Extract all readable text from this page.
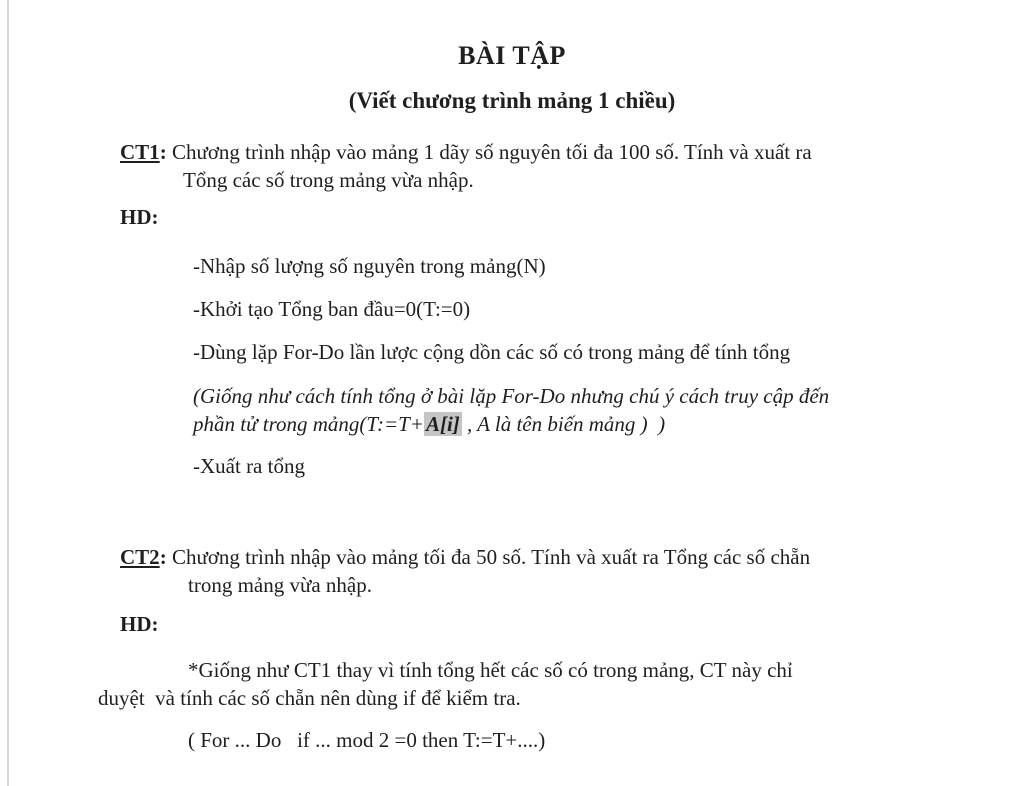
BÀI TẬP
(Viết chương trình mảng 1 chiều)
CT1: Chương trình nhập vào mảng 1 dãy số nguyên tối đa 100 số. Tính và xuất ra
Tổng các số trong mảng vừa nhập.
HD:
-Nhập số lượng số nguyên trong mảng(N)
-Khởi tạo Tổng ban đầu=0(T:=0)
-Dùng lặp For-Do lần lược cộng dồn các số có trong mảng để tính tổng
(Giống như cách tính tổng ở bài lặp For-Do nhưng chú ý cách truy cập đến
phần tử trong mảng(T:=T+A[i] , A là tên biến mảng )  )
-Xuất ra tổng
CT2: Chương trình nhập vào mảng tối đa 50 số. Tính và xuất ra Tổng các số chẵn
trong mảng vừa nhập.
HD:
*Giống như CT1 thay vì tính tổng hết các số có trong mảng, CT này chỉ
duyệt  và tính các số chẵn nên dùng if để kiểm tra.
( For ... Do   if ... mod 2 =0 then T:=T+....)
